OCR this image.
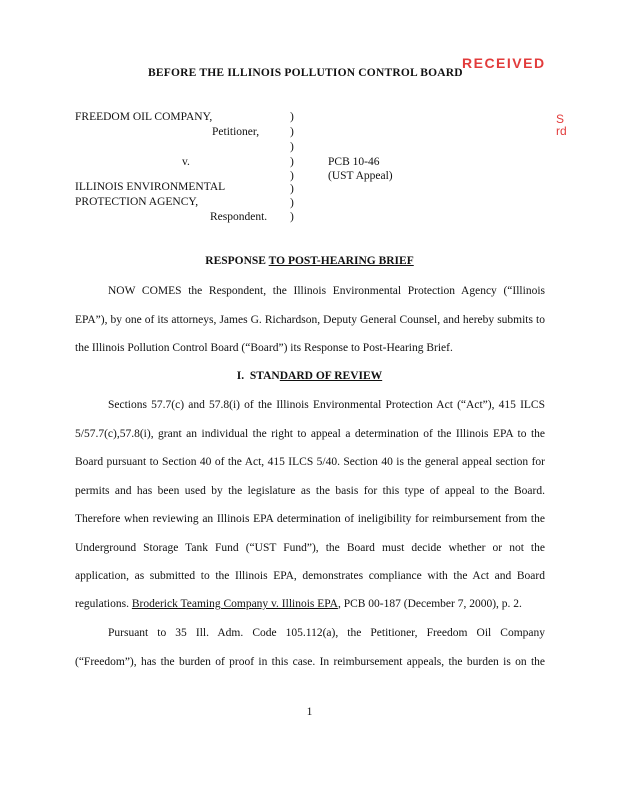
RECEIVED
S
rd
BEFORE THE ILLINOIS POLLUTION CONTROL BOARD
FREEDOM OIL COMPANY,
Petitioner,
v.
ILLINOIS ENVIRONMENTAL
PROTECTION AGENCY,
Respondent.
PCB 10-46
(UST Appeal)
)
)
)
)
)
)
)
)
RESPONSE TO POST-HEARING BRIEF
NOW COMES the Respondent, the Illinois Environmental Protection Agency (“Illinois
EPA”), by one of its attorneys, James G. Richardson, Deputy General Counsel, and hereby submits to
the Illinois Pollution Control Board (“Board”) its Response to Post-Hearing Brief.
I. STANDARD OF REVIEW
Sections 57.7(c) and 57.8(i) of the Illinois Environmental Protection Act (“Act”), 415 ILCS
5/57.7(c),57.8(i), grant an individual the right to appeal a determination of the Illinois EPA to the
Board pursuant to Section 40 of the Act, 415 ILCS 5/40. Section 40 is the general appeal section for
permits and has been used by the legislature as the basis for this type of appeal to the Board.
Therefore when reviewing an Illinois EPA determination of ineligibility for reimbursement from the
Underground Storage Tank Fund (“UST Fund”), the Board must decide whether or not the
application, as submitted to the Illinois EPA, demonstrates compliance with the Act and Board
regulations. Broderick Teaming Company v. Illinois EPA, PCB 00-187 (December 7, 2000), p. 2.
Pursuant to 35 Ill. Adm. Code 105.112(a), the Petitioner, Freedom Oil Company
(“Freedom”), has the burden of proof in this case. In reimbursement appeals, the burden is on the
1
